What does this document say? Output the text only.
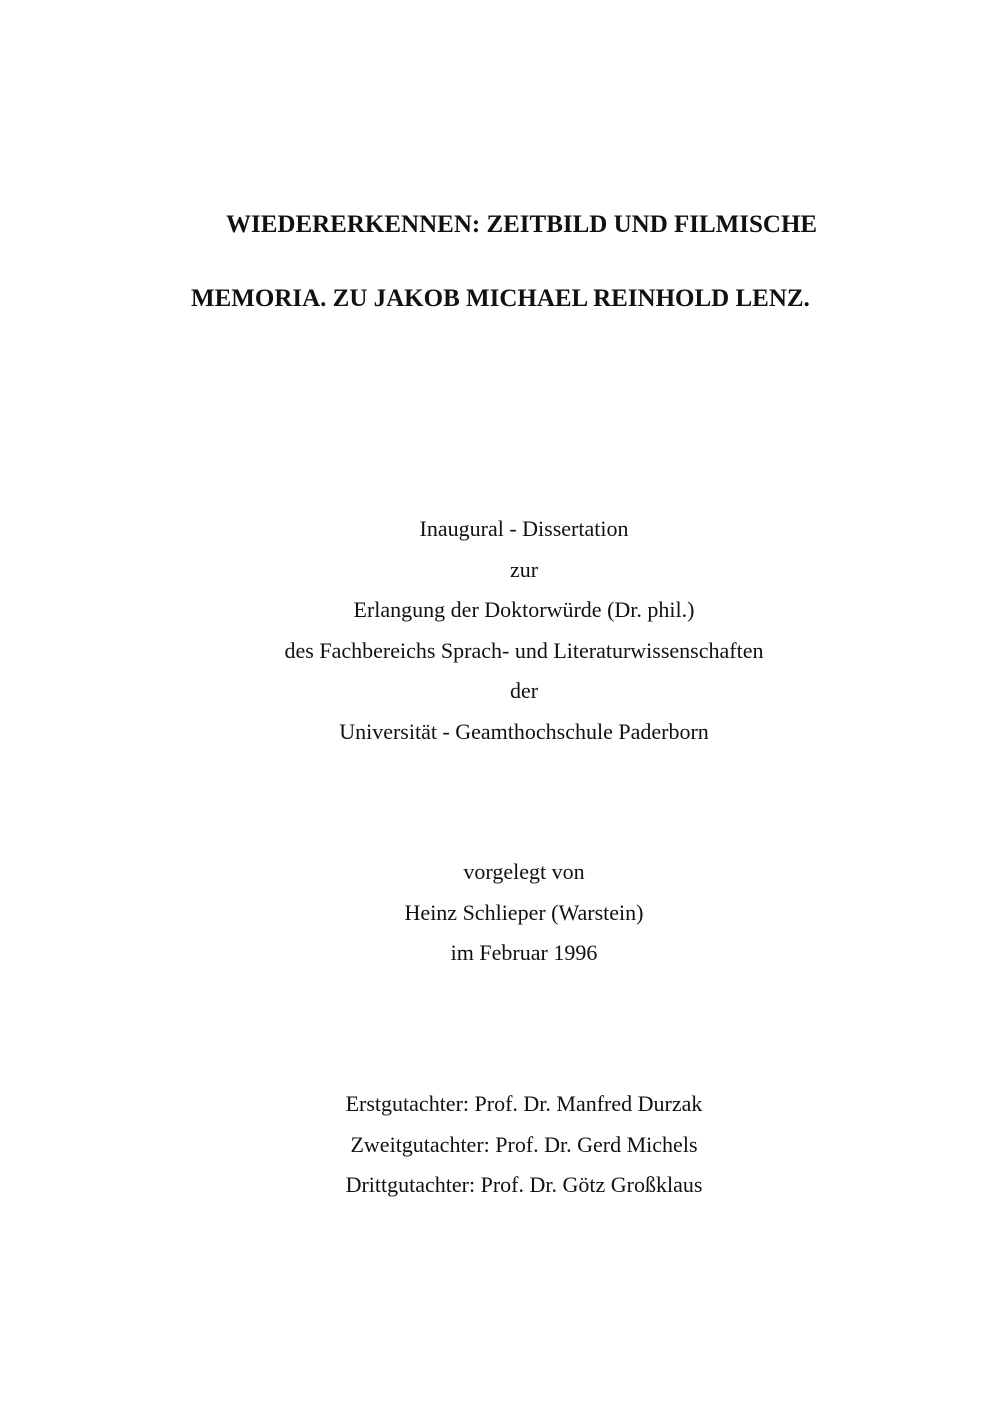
WIEDERERKENNEN: ZEITBILD UND FILMISCHE
MEMORIA. ZU JAKOB MICHAEL REINHOLD LENZ.
Inaugural - Dissertation
zur
Erlangung der Doktorwürde (Dr. phil.)
des Fachbereichs Sprach- und Literaturwissenschaften
der
Universität - Geamthochschule Paderborn
vorgelegt von
Heinz Schlieper (Warstein)
im Februar 1996
Erstgutachter: Prof. Dr. Manfred Durzak
Zweitgutachter: Prof. Dr. Gerd Michels
Drittgutachter: Prof. Dr. Götz Großklaus
